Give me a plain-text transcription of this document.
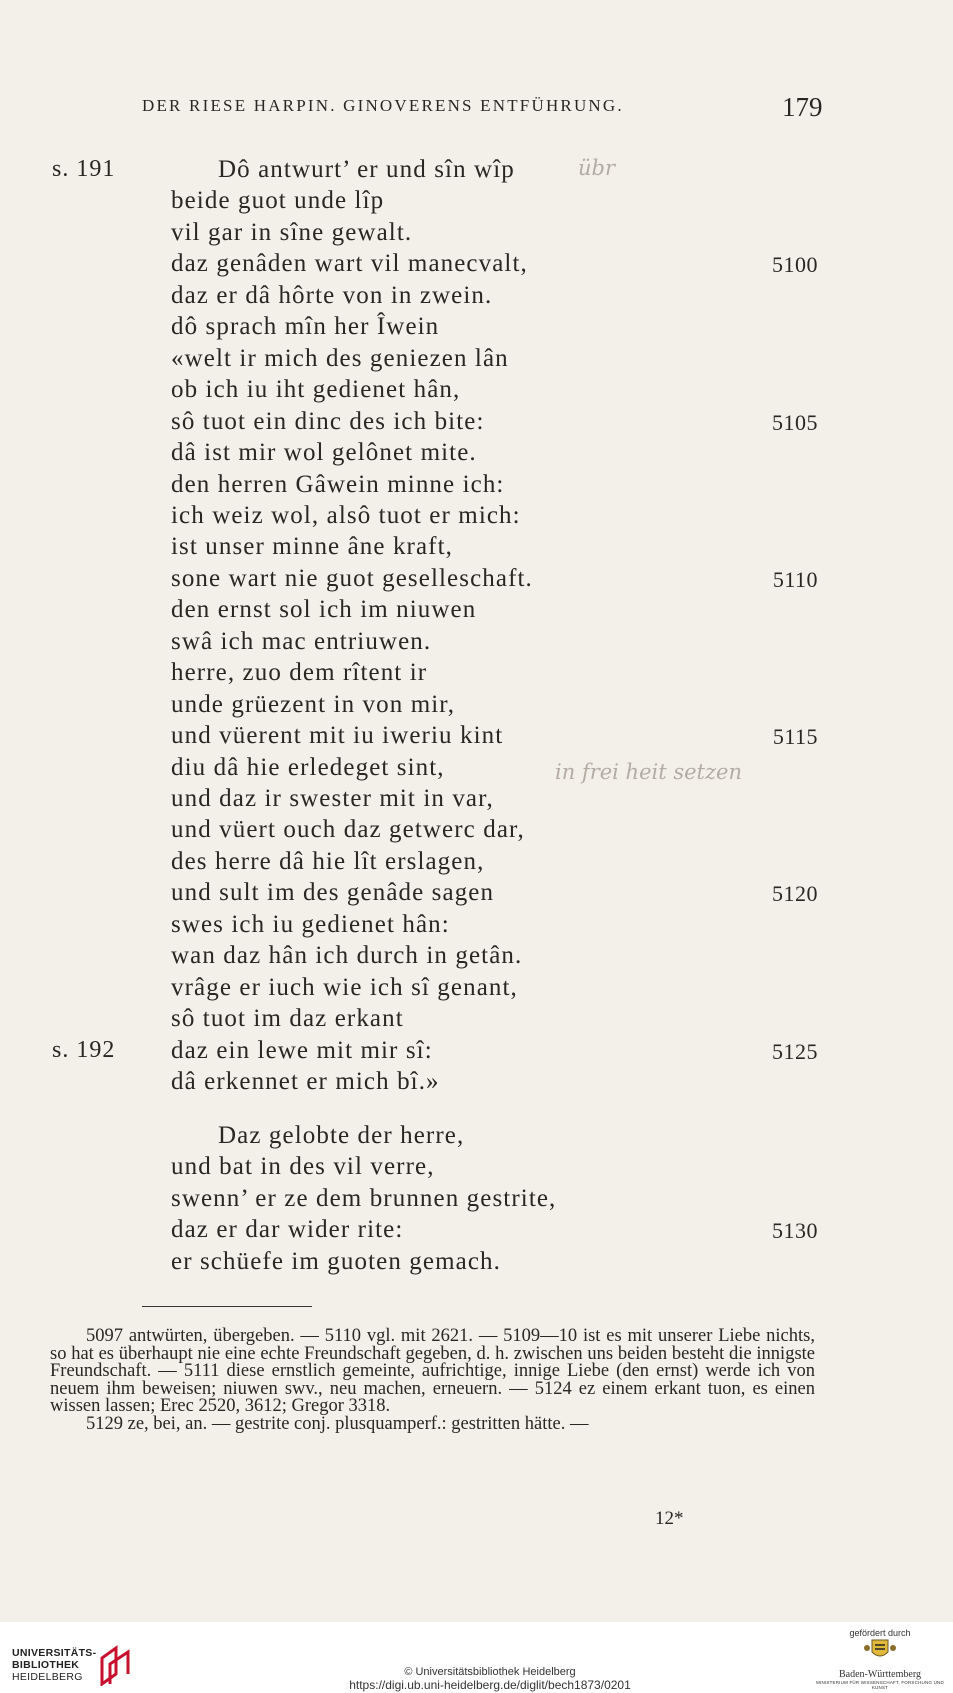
DER RIESE HARPIN. GINOVERENS ENTFÜHRUNG.	179
s. 191	Dô antwurt’ er und sîn wîp
beide guot unde lîp
vil gar in sîne gewalt.
daz genâden wart vil manecvalt,	5100
daz er dâ hôrte von in zwein.
dô sprach mîn her Îwein
«welt ir mich des geniezen lân
ob ich iu iht gedienet hân,
sô tuot ein dinc des ich bite:	5105
dâ ist mir wol gelônet mite.
den herren Gâwein minne ich:
ich weiz wol, alsô tuot er mich:
ist unser minne âne kraft,
sone wart nie guot geselleschaft.	5110
den ernst sol ich im niuwen
swâ ich mac entriuwen.
herre, zuo dem rîtent ir
unde grüezent in von mir,
und vüerent mit iu iweriu kint	5115
diu dâ hie erledeget sint,
und daz ir swester mit in var,
und vüert ouch daz getwerc dar,
des herre dâ hie lît erslagen,
und sult im des genâde sagen	5120
swes ich iu gedienet hân:
wan daz hân ich durch in getân.
vrâge er iuch wie ich sî genant,
sô tuot im daz erkant
s. 192 daz ein lewe mit mir sî:	5125
dâ erkennet er mich bî.»
Daz gelobte der herre,
und bat in des vil verre,
swenn’ er ze dem brunnen gestrite,
daz er dar wider rite:	5130
er schüefe im guoten gemach.
übr
in frei heit setzen

5097 antwürten, übergeben. — 5110 vgl. mit 2621. — 5109—10 ist es mit unserer Liebe nichts, so hat es überhaupt nie eine echte Freundschaft gegeben, d. h. zwischen uns beiden besteht die innigste Freundschaft. — 5111 diese ernstlich gemeinte, aufrichtige, innige Liebe (den ernst) werde ich von neuem ihm beweisen; niuwen swv., neu machen, erneuern. — 5124 ez einem erkant tuon, es einen wissen lassen; Erec 2520, 3612; Gregor 3318.

5129 ze, bei, an. — gestrite conj. plusquamperf.: gestritten hätte. —

12*
UNIVERSITÄTS-
BIBLIOTHEK
HEIDELBERG	© Universitätsbibliothek Heidelberg
https://digi.ub.uni-heidelberg.de/diglit/bech1873/0201
gefördert durch
Baden-Württemberg
MINISTERIUM FÜR WISSENSCHAFT, FORSCHUNG UND KUNST
